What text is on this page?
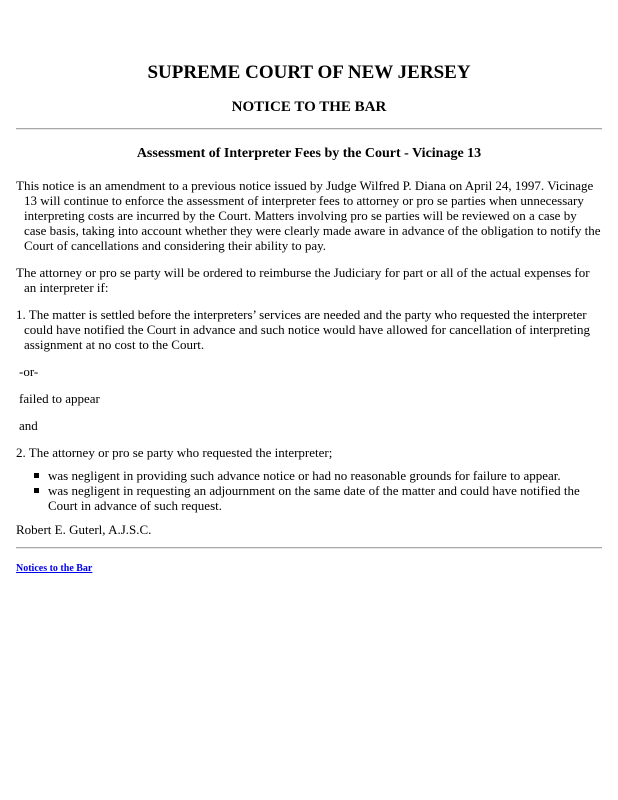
SUPREME COURT OF NEW JERSEY
NOTICE TO THE BAR
Assessment of Interpreter Fees by the Court - Vicinage 13

This notice is an amendment to a previous notice issued by Judge Wilfred P. Diana on April 24, 1997. Vicinage 13 will continue to enforce the assessment of interpreter fees to attorney or pro se parties when unnecessary interpreting costs are incurred by the Court. Matters involving pro se parties will be reviewed on a case by case basis, taking into account whether they were clearly made aware in advance of the obligation to notify the Court of cancellations and considering their ability to pay.

The attorney or pro se party will be ordered to reimburse the Judiciary for part or all of the actual expenses for an interpreter if:

1. The matter is settled before the interpreters’ services are needed and the party who requested the interpreter could have notified the Court in advance and such notice would have allowed for cancellation of interpreting assignment at no cost to the Court.

-or-

failed to appear

and

2. The attorney or pro se party who requested the interpreter;

was negligent in providing such advance notice or had no reasonable grounds for failure to appear.
was negligent in requesting an adjournment on the same date of the matter and could have notified the Court in advance of such request.

Robert E. Guterl, A.J.S.C.

Notices to the Bar
